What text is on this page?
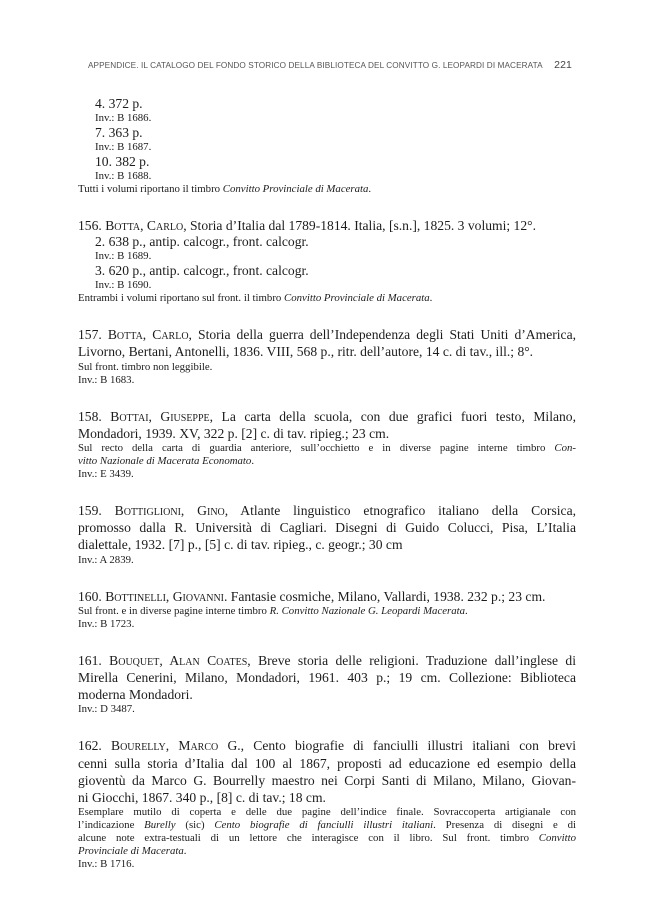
APPENDICE. IL CATALOGO DEL FONDO STORICO DELLA BIBLIOTECA DEL CONVITTO G. LEOPARDI DI MACERATA 221
4. 372 p.
Inv.: B 1686.
7. 363 p.
Inv.: B 1687.
10. 382 p.
Inv.: B 1688.
Tutti i volumi riportano il timbro Convitto Provinciale di Macerata.
156. Botta, Carlo, Storia d’Italia dal 1789-1814. Italia, [s.n.], 1825. 3 volumi; 12°.
2. 638 p., antip. calcogr., front. calcogr.
Inv.: B 1689.
3. 620 p., antip. calcogr., front. calcogr.
Inv.: B 1690.
Entrambi i volumi riportano sul front. il timbro Convitto Provinciale di Macerata.
157. Botta, Carlo, Storia della guerra dell’Independenza degli Stati Uniti d’America,
Livorno, Bertani, Antonelli, 1836. VIII, 568 p., ritr. dell’autore, 14 c. di tav., ill.; 8°.
Sul front. timbro non leggibile.
Inv.: B 1683.
158. Bottai, Giuseppe, La carta della scuola, con due grafici fuori testo, Milano,
Mondadori, 1939. XV, 322 p. [2] c. di tav. ripieg.; 23 cm.
Sul recto della carta di guardia anteriore, sull’occhietto e in diverse pagine interne timbro Con-
vitto Nazionale di Macerata Economato.
Inv.: E 3439.
159. Bottiglioni, Gino, Atlante linguistico etnografico italiano della Corsica,
promosso dalla R. Università di Cagliari. Disegni di Guido Colucci, Pisa, L’Italia
dialettale, 1932. [7] p., [5] c. di tav. ripieg., c. geogr.; 30 cm
Inv.: A 2839.
160. Bottinelli, Giovanni. Fantasie cosmiche, Milano, Vallardi, 1938. 232 p.; 23 cm.
Sul front. e in diverse pagine interne timbro R. Convitto Nazionale G. Leopardi Macerata.
Inv.: B 1723.
161. Bouquet, Alan Coates, Breve storia delle religioni. Traduzione dall’inglese di
Mirella Cenerini, Milano, Mondadori, 1961. 403 p.; 19 cm. Collezione: Biblioteca
moderna Mondadori.
Inv.: D 3487.
162. Bourelly, Marco G., Cento biografie di fanciulli illustri italiani con brevi
cenni sulla storia d’Italia dal 100 al 1867, proposti ad educazione ed esempio della
gioventù da Marco G. Bourrelly maestro nei Corpi Santi di Milano, Milano, Giovan-
ni Giocchi, 1867. 340 p., [8] c. di tav.; 18 cm.
Esemplare mutilo di coperta e delle due pagine dell’indice finale. Sovraccoperta artigianale con
l’indicazione Burelly (sic) Cento biografie di fanciulli illustri italiani. Presenza di disegni e di
alcune note extra-testuali di un lettore che interagisce con il libro. Sul front. timbro Convitto
Provinciale di Macerata.
Inv.: B 1716.
